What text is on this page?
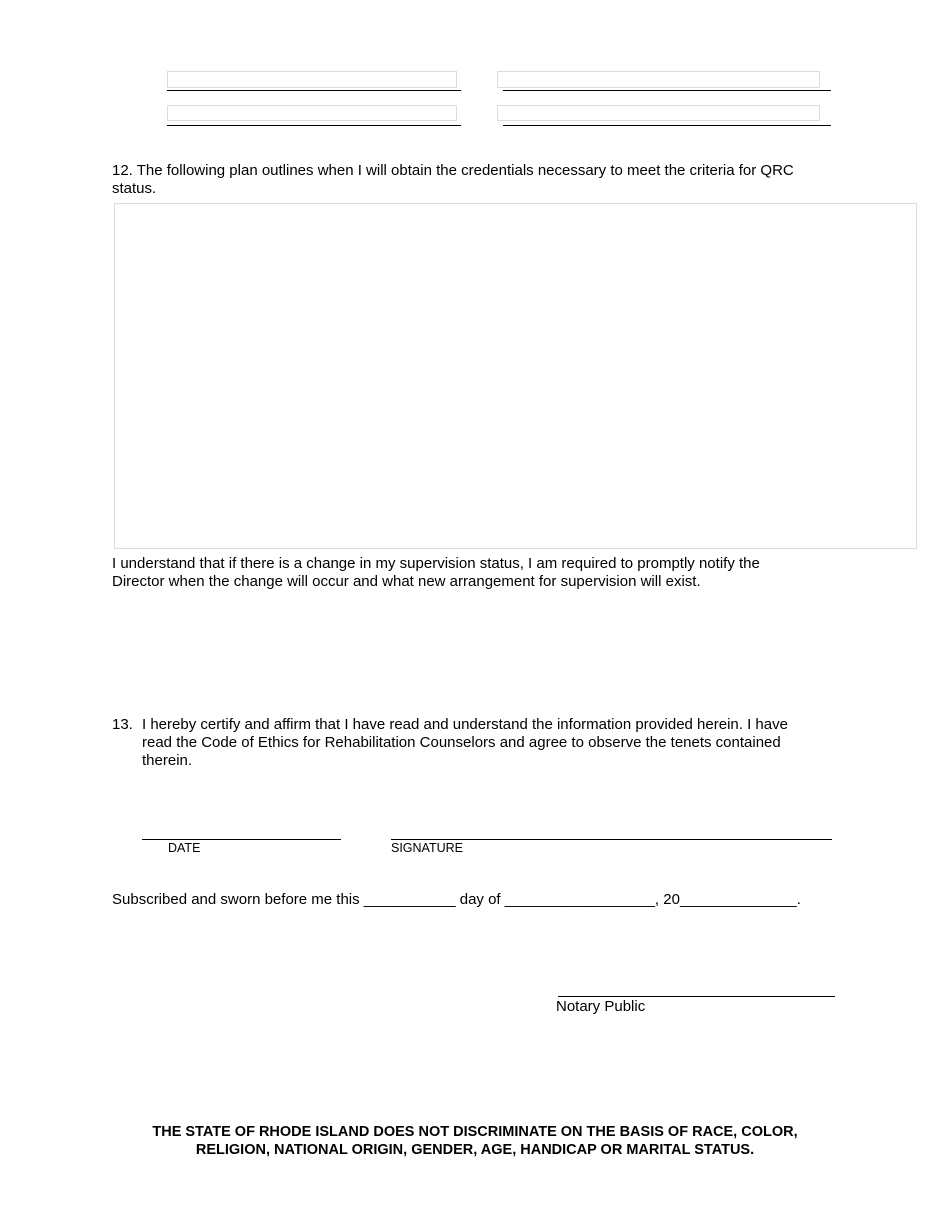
12. The following plan outlines when I will obtain the credentials necessary to meet the criteria for QRC
status.
I understand that if there is a change in my supervision status, I am required to promptly notify the
Director when the change will occur and what new arrangement for supervision will exist.
13. I hereby certify and affirm that I have read and understand the information provided herein. I have
read the Code of Ethics for Rehabilitation Counselors and agree to observe the tenets contained
therein.
DATE	SIGNATURE
Subscribed and sworn before me this ___________ day of __________________, 20______________.
Notary Public
THE STATE OF RHODE ISLAND DOES NOT DISCRIMINATE ON THE BASIS OF RACE, COLOR,
RELIGION, NATIONAL ORIGIN, GENDER, AGE, HANDICAP OR MARITAL STATUS.
